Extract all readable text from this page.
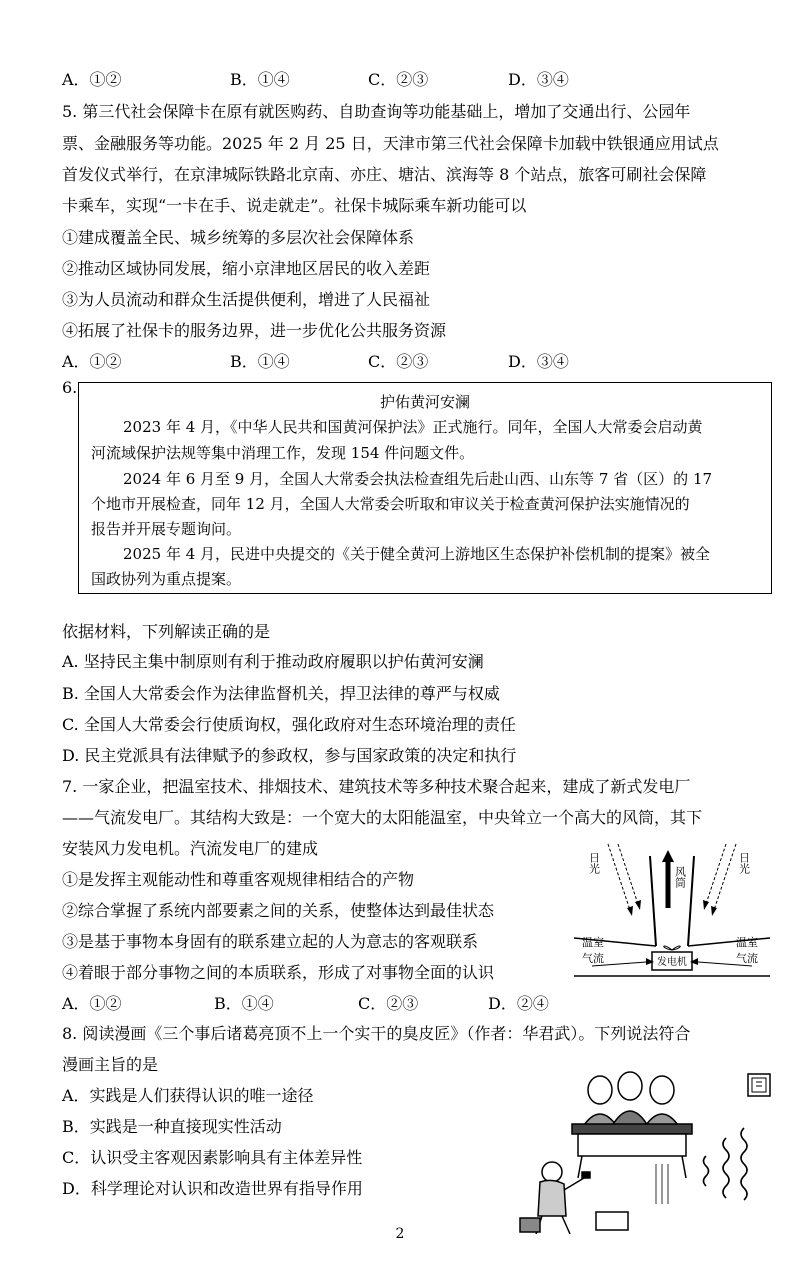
A．①②	B．①④	C．②③	D．③④
5. 第三代社会保障卡在原有就医购药、自助查询等功能基础上，增加了交通出行、公园年
票、金融服务等功能。2025 年 2 月 25 日，天津市第三代社会保障卡加载中铁银通应用试点
首发仪式举行，在京津城际铁路北京南、亦庄、塘沽、滨海等 8 个站点，旅客可刷社会保障
卡乘车，实现“一卡在手、说走就走”。社保卡城际乘车新功能可以
①建成覆盖全民、城乡统筹的多层次社会保障体系
②推动区域协同发展，缩小京津地区居民的收入差距
③为人员流动和群众生活提供便利，增进了人民福祉
④拓展了社保卡的服务边界，进一步优化公共服务资源
A．①②	B．①④	C．②③	D．③④
6.
护佑黄河安澜
2023 年 4 月，《中华人民共和国黄河保护法》正式施行。同年，全国人大常委会启动黄
河流域保护法规等集中消理工作，发现 154 件问题文件。
2024 年 6 月至 9 月，全国人大常委会执法检查组先后赴山西、山东等 7 省（区）的 17
个地市开展检查，同年 12 月，全国人大常委会听取和审议关于检查黄河保护法实施情况的
报告并开展专题询问。
2025 年 4 月，民进中央提交的《关于健全黄河上游地区生态保护补偿机制的提案》被全
国政协列为重点提案。
依据材料，下列解读正确的是
A. 坚持民主集中制原则有利于推动政府履职以护佑黄河安澜
B. 全国人大常委会作为法律监督机关，捍卫法律的尊严与权威
C. 全国人大常委会行使质询权，强化政府对生态环境治理的责任
D. 民主党派具有法律赋予的参政权，参与国家政策的决定和执行
7. 一家企业，把温室技术、排烟技术、建筑技术等多种技术聚合起来，建成了新式发电厂
——气流发电厂。其结构大致是：一个宽大的太阳能温室，中央耸立一个高大的风筒，其下
安装风力发电机。汽流发电厂的建成
①是发挥主观能动性和尊重客观规律相结合的产物
②综合掌握了系统内部要素之间的关系，使整体达到最佳状态
③是基于事物本身固有的联系建立起的人为意志的客观联系
④着眼于部分事物之间的本质联系，形成了对事物全面的认识
A．①②	B．①④	C．②③	D．②④
日光	日光
风筒
温室
气流
温室
气流
发电机
8. 阅读漫画《三个事后诸葛亮顶不上一个实干的臭皮匠》（作者：华君武）。下列说法符合
漫画主旨的是
A．实践是人们获得认识的唯一途径
B．实践是一种直接现实性活动
C．认识受主客观因素影响具有主体差异性
D．科学理论对认识和改造世界有指导作用
2
